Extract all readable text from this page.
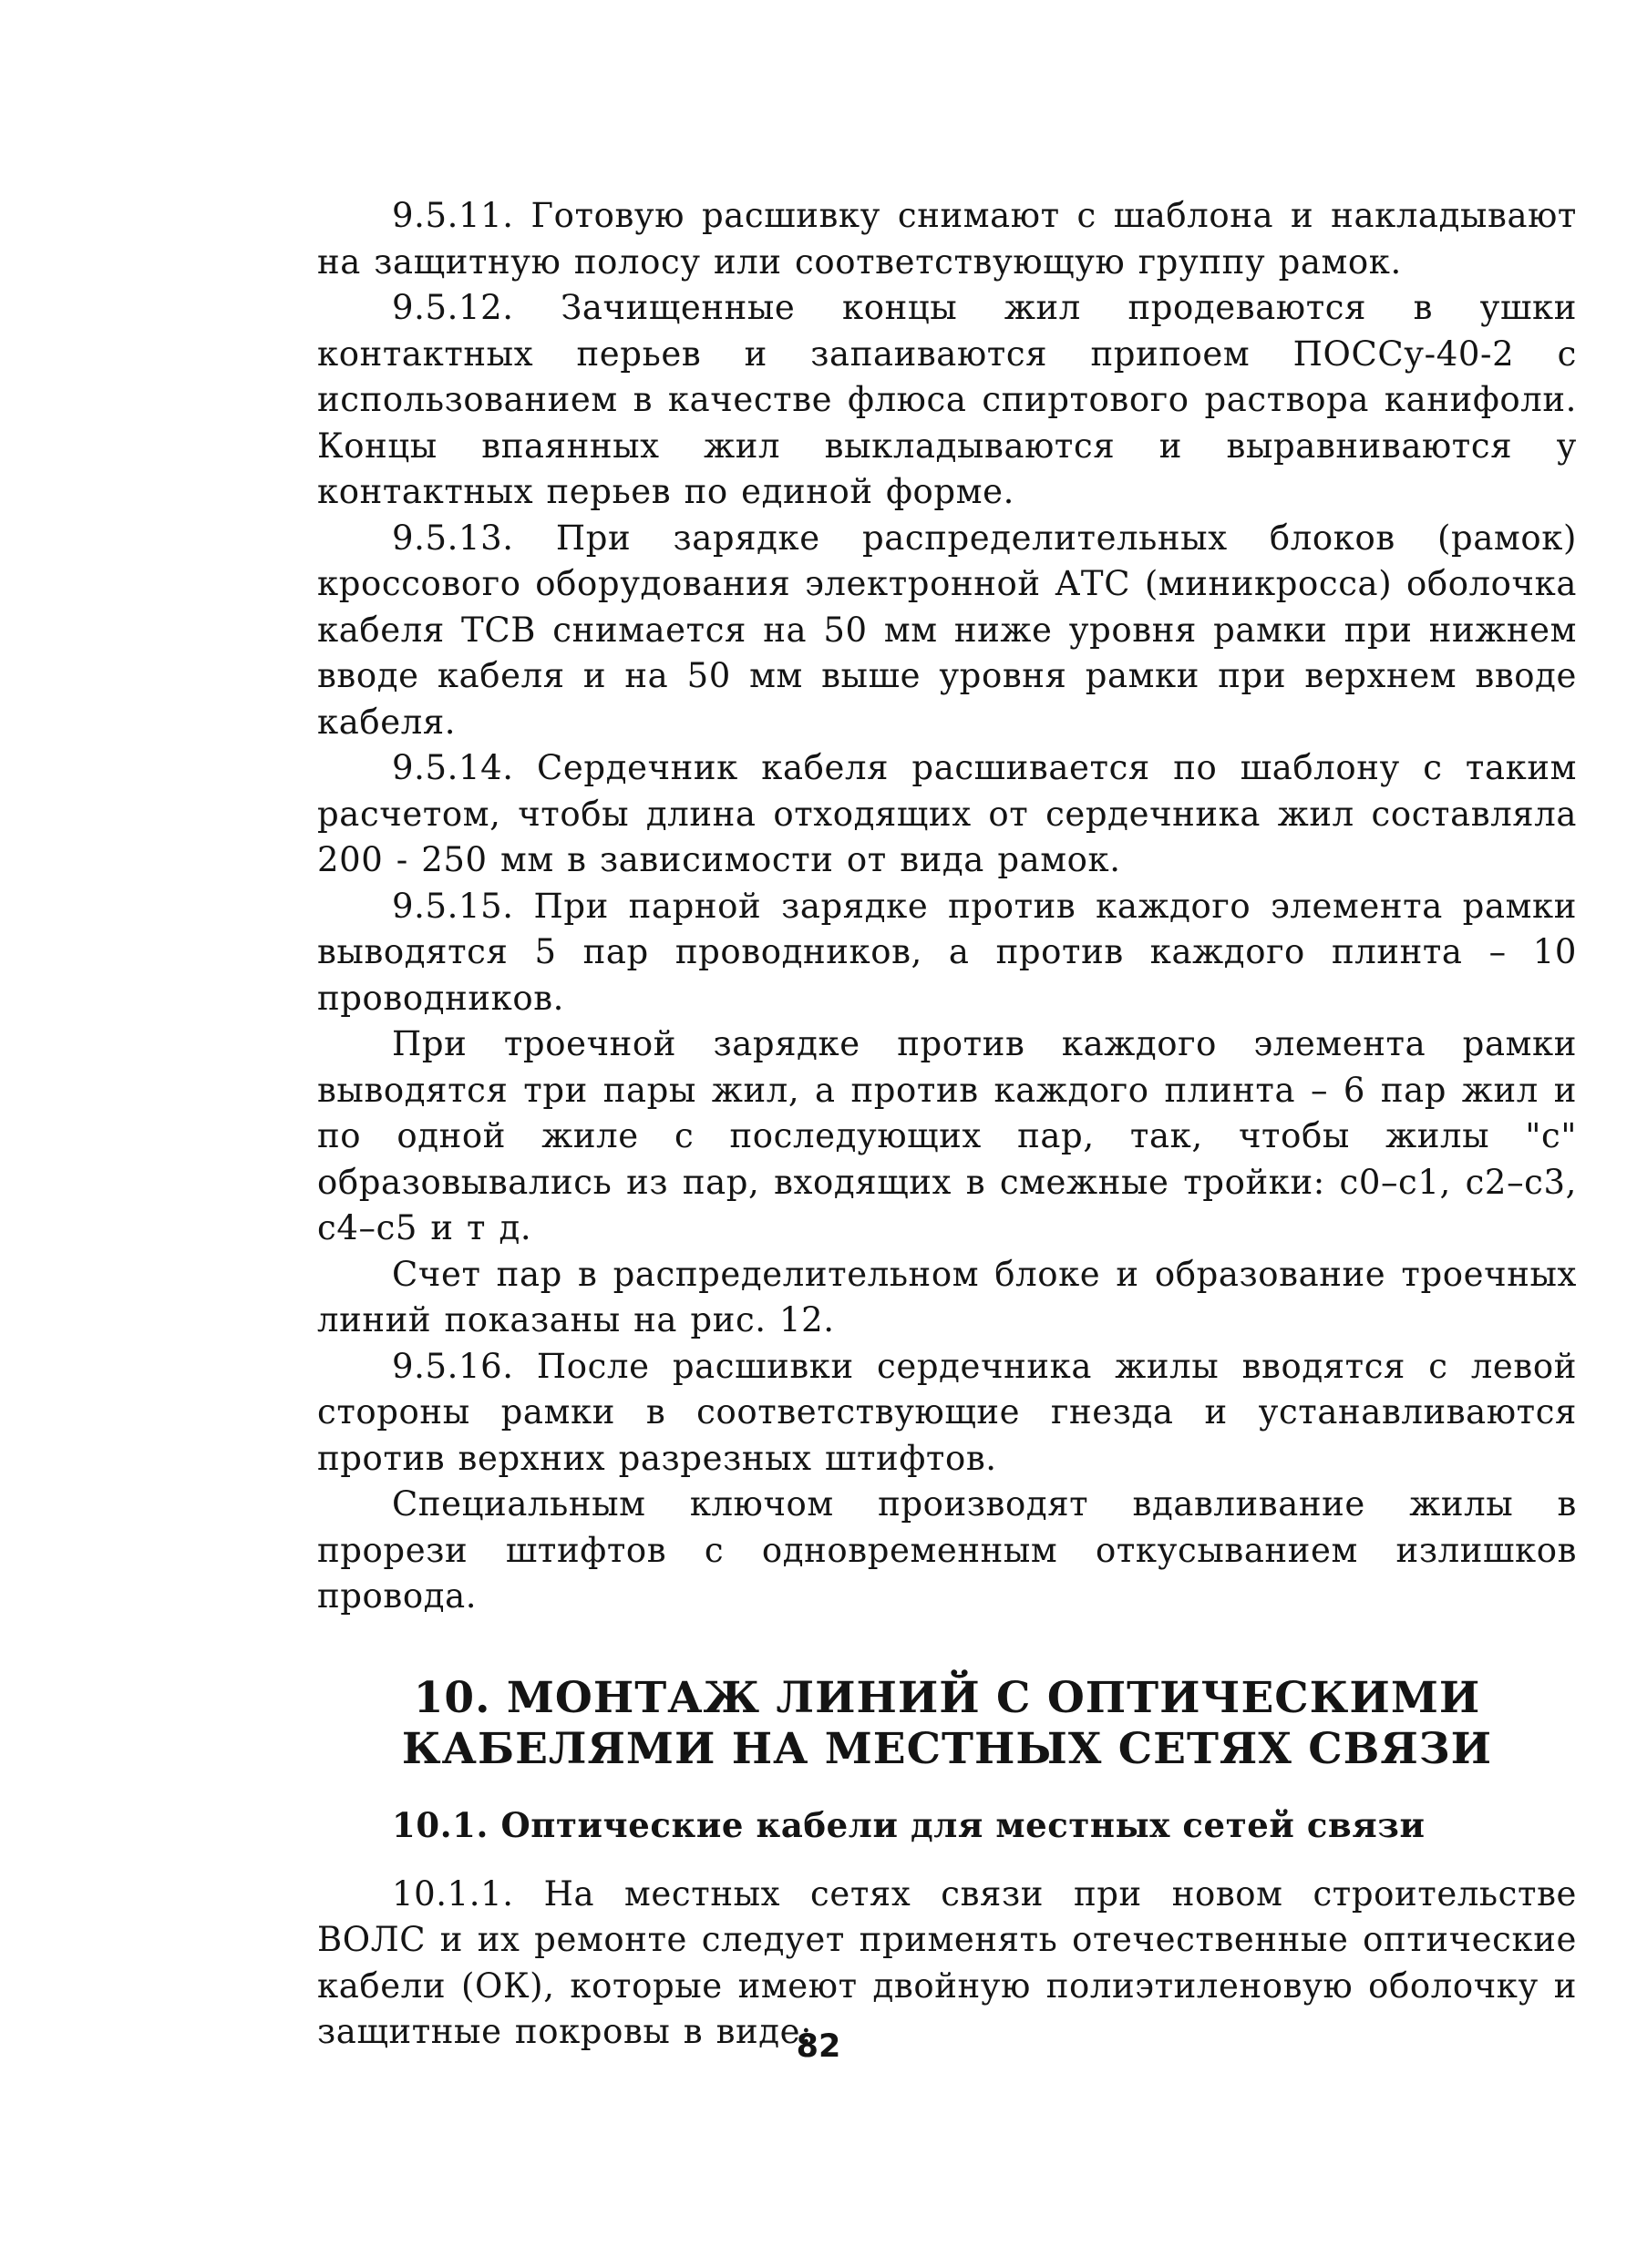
9.5.11. Готовую расшивку снимают с шаблона и накладывают на защитную полосу или соответствующую группу рамок.

9.5.12. Зачищенные концы жил продеваются в ушки контактных перьев и запаиваются припоем ПОССу-40-2 с использованием в качестве флюса спиртового раствора канифоли. Концы впаянных жил выкладываются и выравниваются у контактных перьев по единой форме.

9.5.13. При зарядке распределительных блоков (рамок) кроссового оборудования электронной АТС (миникросса) оболочка кабеля ТСВ снимается на 50 мм ниже уровня рамки при нижнем вводе кабеля и на 50 мм выше уровня рамки при верхнем вводе кабеля.

9.5.14. Сердечник кабеля расшивается по шаблону с таким расчетом, чтобы длина отходящих от сердечника жил составляла 200 - 250 мм в зависимости от вида рамок.

9.5.15. При парной зарядке против каждого элемента рамки выводятся 5 пар проводников, а против каждого плинта – 10 проводников.

При троечной зарядке против каждого элемента рамки выводятся три пары жил, а против каждого плинта – 6 пар жил и по одной жиле с последующих пар, так, чтобы жилы "с" образовывались из пар, входящих в смежные тройки: с0–с1, с2–с3, с4–с5 и т д.

Счет пар в распределительном блоке и образование троечных линий показаны на рис. 12.

9.5.16. После расшивки сердечника жилы вводятся с левой стороны рамки в соответствующие гнезда и устанавливаются против верхних разрезных штифтов.

Специальным ключом производят вдавливание жилы в прорези штифтов с одновременным откусыванием излишков провода.

10. МОНТАЖ ЛИНИЙ С ОПТИЧЕСКИМИ
КАБЕЛЯМИ НА МЕСТНЫХ СЕТЯХ СВЯЗИ
10.1. Оптические кабели для местных сетей связи

10.1.1. На местных сетях связи при новом строительстве ВОЛС и их ремонте следует применять отечественные оптические кабели (ОК), которые имеют двойную полиэтиленовую оболочку и защитные покровы в виде:

82
